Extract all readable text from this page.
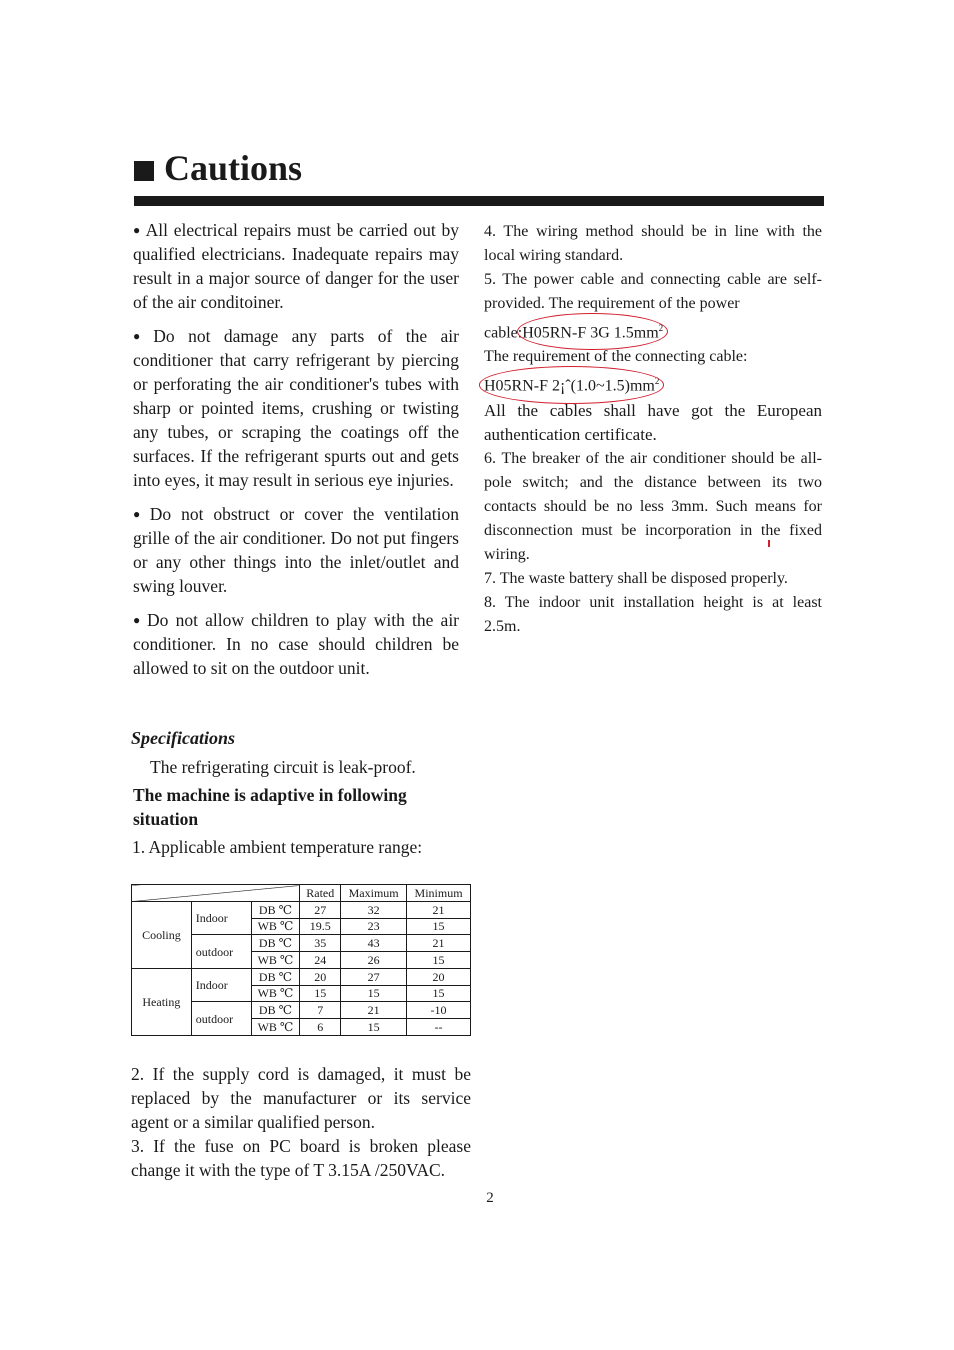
Cautions

● All electrical repairs must be carried out by qualified electricians. Inadequate repairs may result in a major source of danger for the user of the air conditoiner.

● Do not damage any parts of the air conditioner that carry refrigerant by piercing or perforating the air conditioner's tubes with sharp or pointed items, crushing or twisting any tubes, or scraping the coatings off the surfaces. If the refrigerant spurts out and gets into eyes, it may result in serious eye injuries.

● Do not obstruct or cover the ventilation grille of the air conditioner. Do not put fingers or any other things into the inlet/outlet and swing louver.

● Do not allow children to play with the air conditioner. In no case should children be allowed to sit on the outdoor unit.

Specifications

The refrigerating circuit is leak-proof.

The machine is adaptive in following situation

1. Applicable ambient temperature range:

			Rated	Maximum	Minimum
Cooling	Indoor	DB ℃	27	32	21
		WB ℃	19.5	23	15
	outdoor	DB ℃	35	43	21
		WB ℃	24	26	15
Heating	Indoor	DB ℃	20	27	20
		WB ℃	15	15	15
	outdoor	DB ℃	7	21	-10
		WB ℃	6	15	--

2. If the supply cord is damaged, it must be replaced by the manufacturer or its service agent or a similar qualified person.

3. If the fuse on PC board is broken please change it with the type of T 3.15A /250VAC.

4. The wiring method should be in line with the local wiring standard.

5. The power cable and connecting cable are self-provided. The requirement of the power

cable:H05RN-F 3G $1.5mm^2$

The requirement of the connecting cable:

H05RN-F $2¡ˆ(1.0\sim 1.5)mm^2$

All the cables shall have got the European authentication certificate.

6. The breaker of the air conditioner should be all-pole switch; and the distance between its two contacts should be no less 3mm. Such means for disconnection must be incorporation in the fixed wiring.

7. The waste battery shall be disposed properly.

8. The indoor unit installation height is at least 2.5m.

2
